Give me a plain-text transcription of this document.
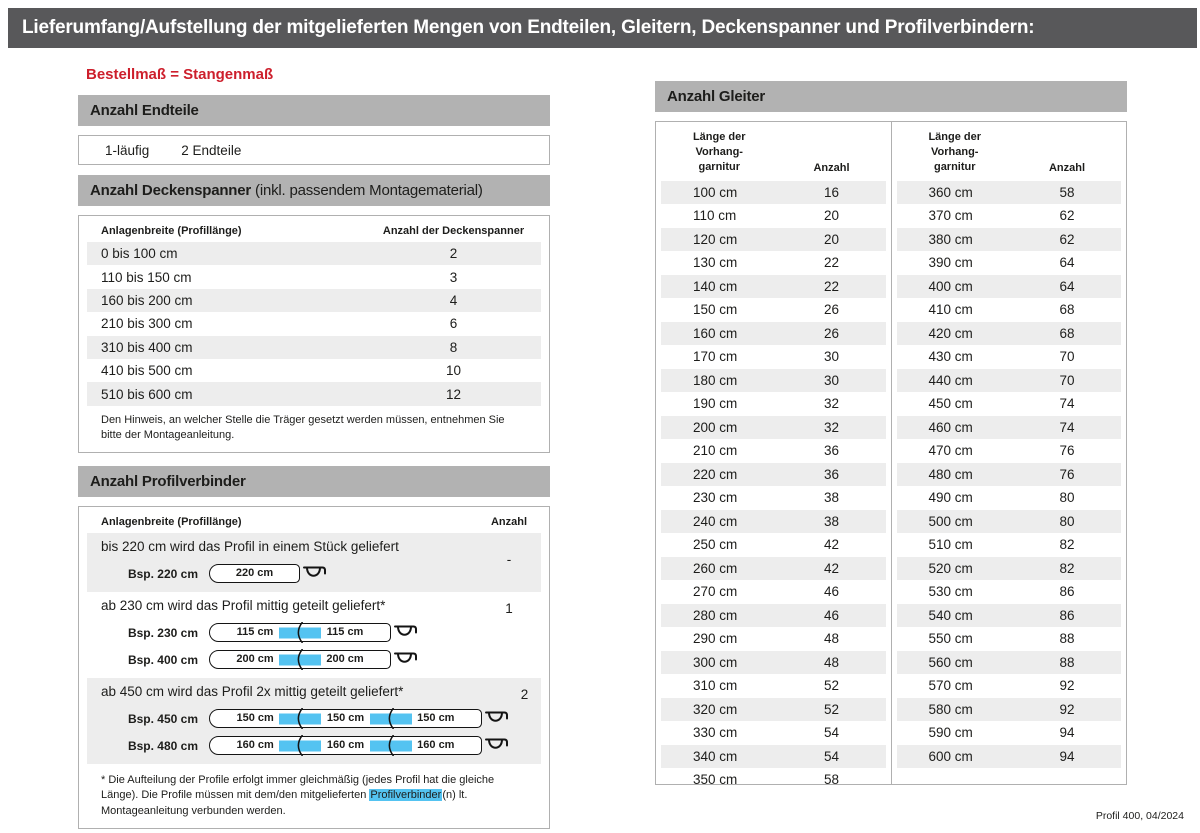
Lieferumfang/Aufstellung der mitgelieferten Mengen von Endteilen, Gleitern, Deckenspanner und Profilverbindern:
Bestellmaß = Stangenmaß
Anzahl Endteile
1-läufig 2 Endteile
Anzahl Deckenspanner (inkl. passendem Montagematerial)
Anlagenbreite (Profillänge)	Anzahl der Deckenspanner
0 bis 100 cm	2
110 bis 150 cm	3
160 bis 200 cm	4
210 bis 300 cm	6
310 bis 400 cm	8
410 bis 500 cm	10
510 bis 600 cm	12
Den Hinweis, an welcher Stelle die Träger gesetzt werden müssen, entnehmen Sie bitte der Montageanleitung.
Anzahl Profilverbinder
Anlagenbreite (Profillänge)	Anzahl
bis 220 cm wird das Profil in einem Stück geliefert
Bsp. 220 cm	220 cm
-
ab 230 cm wird das Profil mittig geteilt geliefert*
Bsp. 230 cm	115 cm	115 cm
Bsp. 400 cm	200 cm	200 cm
1
ab 450 cm wird das Profil 2x mittig geteilt geliefert*
Bsp. 450 cm	150 cm	150 cm	150 cm
Bsp. 480 cm	160 cm	160 cm	160 cm
2
* Die Aufteilung der Profile erfolgt immer gleichmäßig (jedes Profil hat die gleiche Länge). Die Profile müssen mit dem/den mitgelieferten Profilverbinder(n) lt. Montageanleitung verbunden werden.
Anzahl Gleiter
Länge der
Vorhang-
garnitur	Anzahl
100 cm	16
110 cm	20
120 cm	20
130 cm	22
140 cm	22
150 cm	26
160 cm	26
170 cm	30
180 cm	30
190 cm	32
200 cm	32
210 cm	36
220 cm	36
230 cm	38
240 cm	38
250 cm	42
260 cm	42
270 cm	46
280 cm	46
290 cm	48
300 cm	48
310 cm	52
320 cm	52
330 cm	54
340 cm	54
350 cm	58
Länge der
Vorhang-
garnitur	Anzahl
360 cm	58
370 cm	62
380 cm	62
390 cm	64
400 cm	64
410 cm	68
420 cm	68
430 cm	70
440 cm	70
450 cm	74
460 cm	74
470 cm	76
480 cm	76
490 cm	80
500 cm	80
510 cm	82
520 cm	82
530 cm	86
540 cm	86
550 cm	88
560 cm	88
570 cm	92
580 cm	92
590 cm	94
600 cm	94
Profil 400, 04/2024
